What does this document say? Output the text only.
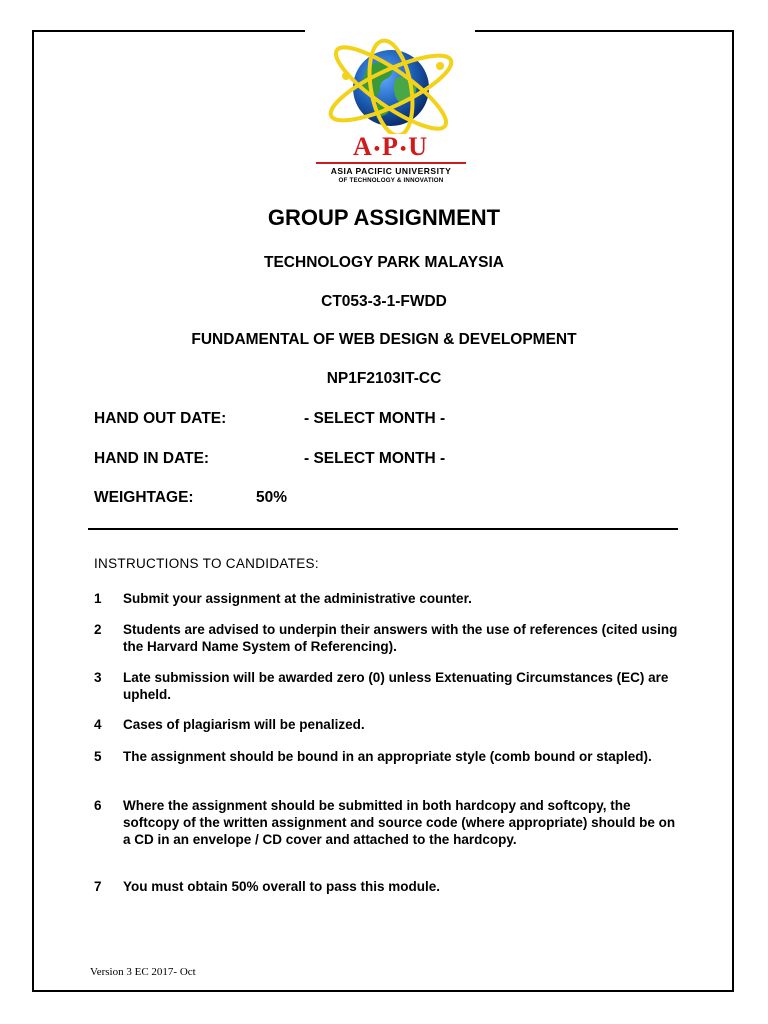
A•P•U
ASIA PACIFIC UNIVERSITY
OF TECHNOLOGY & INNOVATION
GROUP ASSIGNMENT
TECHNOLOGY PARK MALAYSIA
CT053-3-1-FWDD
FUNDAMENTAL OF WEB DESIGN & DEVELOPMENT
NP1F2103IT-CC
HAND OUT DATE:	- SELECT MONTH -
HAND IN DATE:	- SELECT MONTH -
WEIGHTAGE:	50%
INSTRUCTIONS TO CANDIDATES:
1 Submit your assignment at the administrative counter.
2 Students are advised to underpin their answers with the use of references (cited using the Harvard Name System of Referencing).
3 Late submission will be awarded zero (0) unless Extenuating Circumstances (EC) are upheld.
4 Cases of plagiarism will be penalized.
5 The assignment should be bound in an appropriate style (comb bound or stapled).
6 Where the assignment should be submitted in both hardcopy and softcopy, the softcopy of the written assignment and source code (where appropriate) should be on a CD in an envelope / CD cover and attached to the hardcopy.
7 You must obtain 50% overall to pass this module.
Version 3 EC 2017- Oct
